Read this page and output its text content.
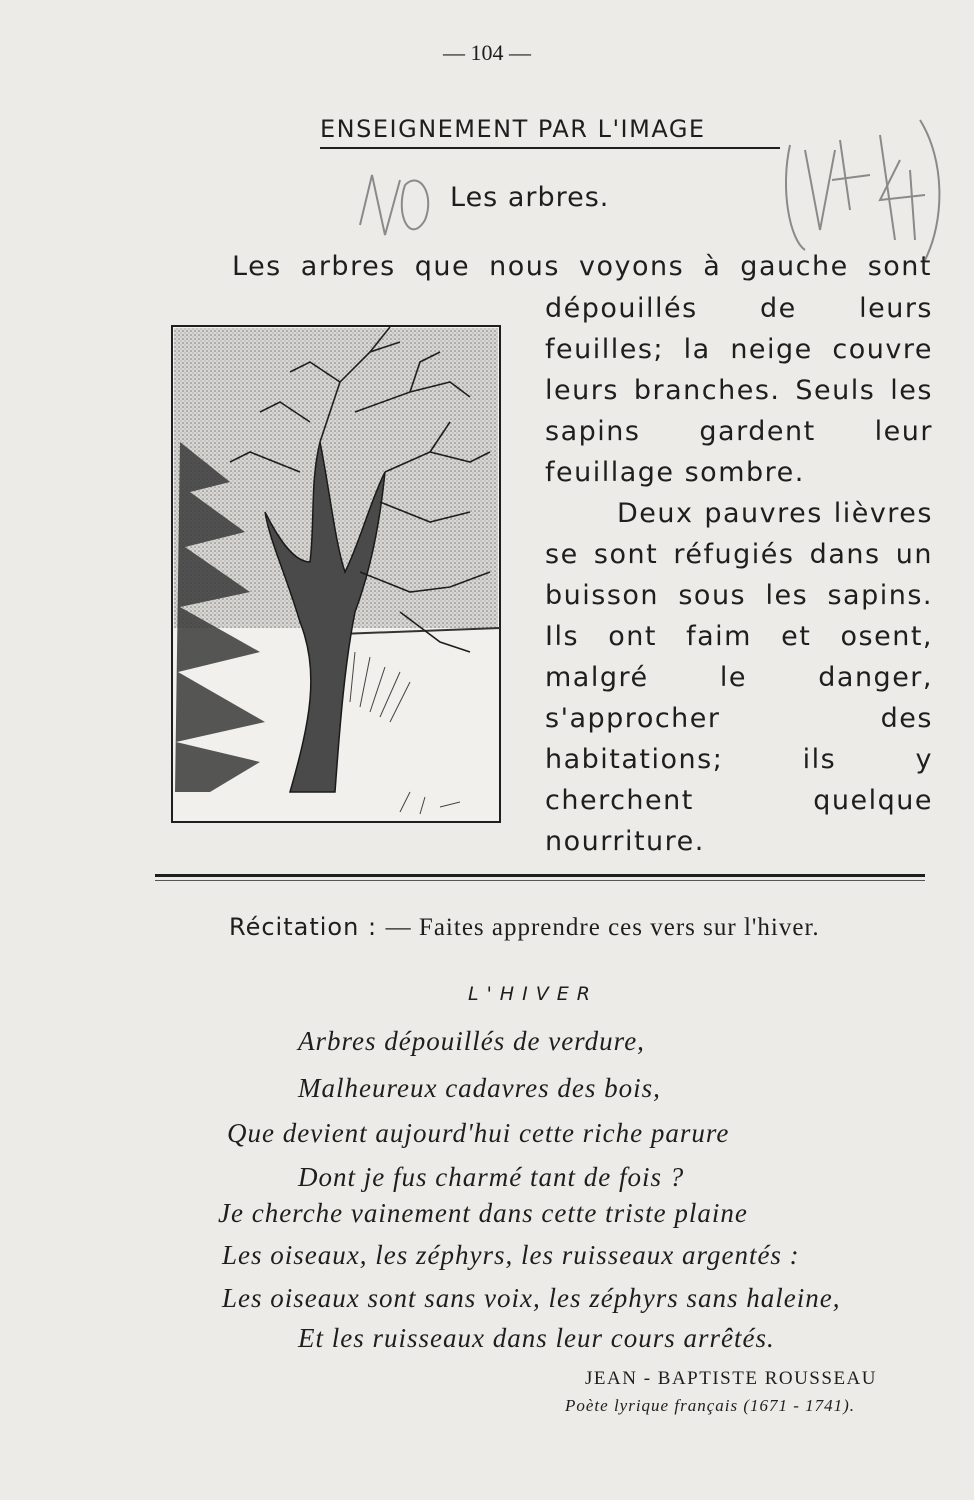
— 104 —
ENSEIGNEMENT PAR L'IMAGE
Les arbres.
Les arbres que nous voyons à gauche sont

dépouillés de leurs feuilles; la neige couvre leurs branches. Seuls les sapins gardent leur feuillage sombre.

Deux pauvres lièvres se sont réfugiés dans un buisson sous les sapins. Ils ont faim et osent, malgré le danger, s'approcher des habitations; ils y cherchent quelque nourriture.

Récitation : — Faites apprendre ces vers sur l'hiver.
L'HIVER
Arbres dépouillés de verdure,
Malheureux cadavres des bois,
Que devient aujourd'hui cette riche parure
Dont je fus charmé tant de fois ?
Je cherche vainement dans cette triste plaine
Les oiseaux, les zéphyrs, les ruisseaux argentés :
Les oiseaux sont sans voix, les zéphyrs sans haleine,
Et les ruisseaux dans leur cours arrêtés.
JEAN - BAPTISTE ROUSSEAU
Poète lyrique français (1671 - 1741).
